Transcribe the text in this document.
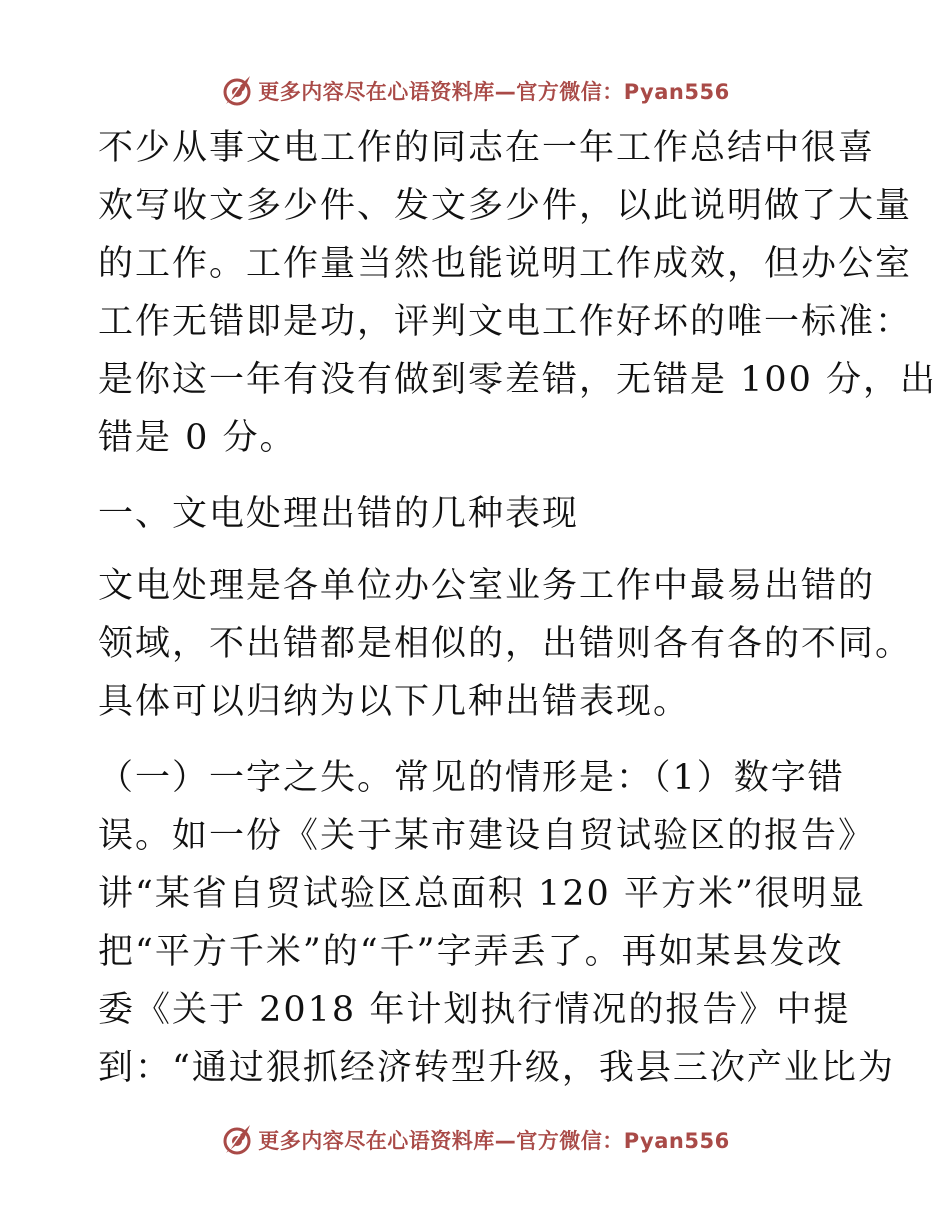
更多内容尽在心语资料库—官方微信：Pyan556
不少从事文电工作的同志在一年工作总结中很喜
欢写收文多少件、发文多少件，以此说明做了大量
的工作。工作量当然也能说明工作成效，但办公室
工作无错即是功，评判文电工作好坏的唯一标准：
是你这一年有没有做到零差错，无错是 100 分，出
错是 0 分。
一、文电处理出错的几种表现
文电处理是各单位办公室业务工作中最易出错的
领域，不出错都是相似的，出错则各有各的不同。
具体可以归纳为以下几种出错表现。
（一）一字之失。常见的情形是：（1）数字错
误。如一份《关于某市建设自贸试验区的报告》
讲“某省自贸试验区总面积 120 平方米”很明显
把“平方千米”的“千”字弄丢了。再如某县发改
委《关于 2018 年计划执行情况的报告》中提
到：“通过狠抓经济转型升级，我县三次产业比为
更多内容尽在心语资料库—官方微信：Pyan556
